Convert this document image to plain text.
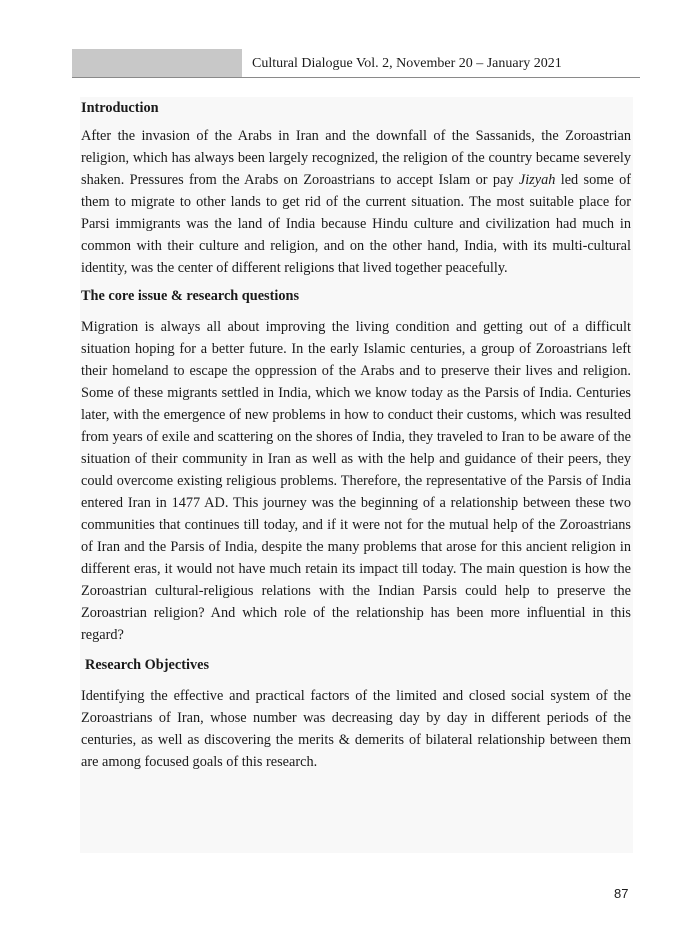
Cultural Dialogue Vol. 2, November 20 – January 2021
Introduction

After the invasion of the Arabs in Iran and the downfall of the Sassanids, the Zoroastrian religion, which has always been largely recognized, the religion of the country became severely shaken. Pressures from the Arabs on Zoroastrians to accept Islam or pay Jizyah led some of them to migrate to other lands to get rid of the current situation. The most suitable place for Parsi immigrants was the land of India because Hindu culture and civilization had much in common with their culture and religion, and on the other hand, India, with its multi-cultural identity, was the center of different religions that lived together peacefully.

The core issue & research questions

Migration is always all about improving the living condition and getting out of a difficult situation hoping for a better future. In the early Islamic centuries, a group of Zoroastrians left their homeland to escape the oppression of the Arabs and to preserve their lives and religion. Some of these migrants settled in India, which we know today as the Parsis of India. Centuries later, with the emergence of new problems in how to conduct their customs, which was resulted from years of exile and scattering on the shores of India, they traveled to Iran to be aware of the situation of their community in Iran as well as with the help and guidance of their peers, they could overcome existing religious problems. Therefore, the representative of the Parsis of India entered Iran in 1477 AD. This journey was the beginning of a relationship between these two communities that continues till today, and if it were not for the mutual help of the Zoroastrians of Iran and the Parsis of India, despite the many problems that arose for this ancient religion in different eras, it would not have much retain its impact till today. The main question is how the Zoroastrian cultural-religious relations with the Indian Parsis could help to preserve the Zoroastrian religion? And which role of the relationship has been more influential in this regard?

Research Objectives

Identifying the effective and practical factors of the limited and closed social system of the Zoroastrians of Iran, whose number was decreasing day by day in different periods of the centuries, as well as discovering the merits & demerits of bilateral relationship between them are among focused goals of this research.

87
